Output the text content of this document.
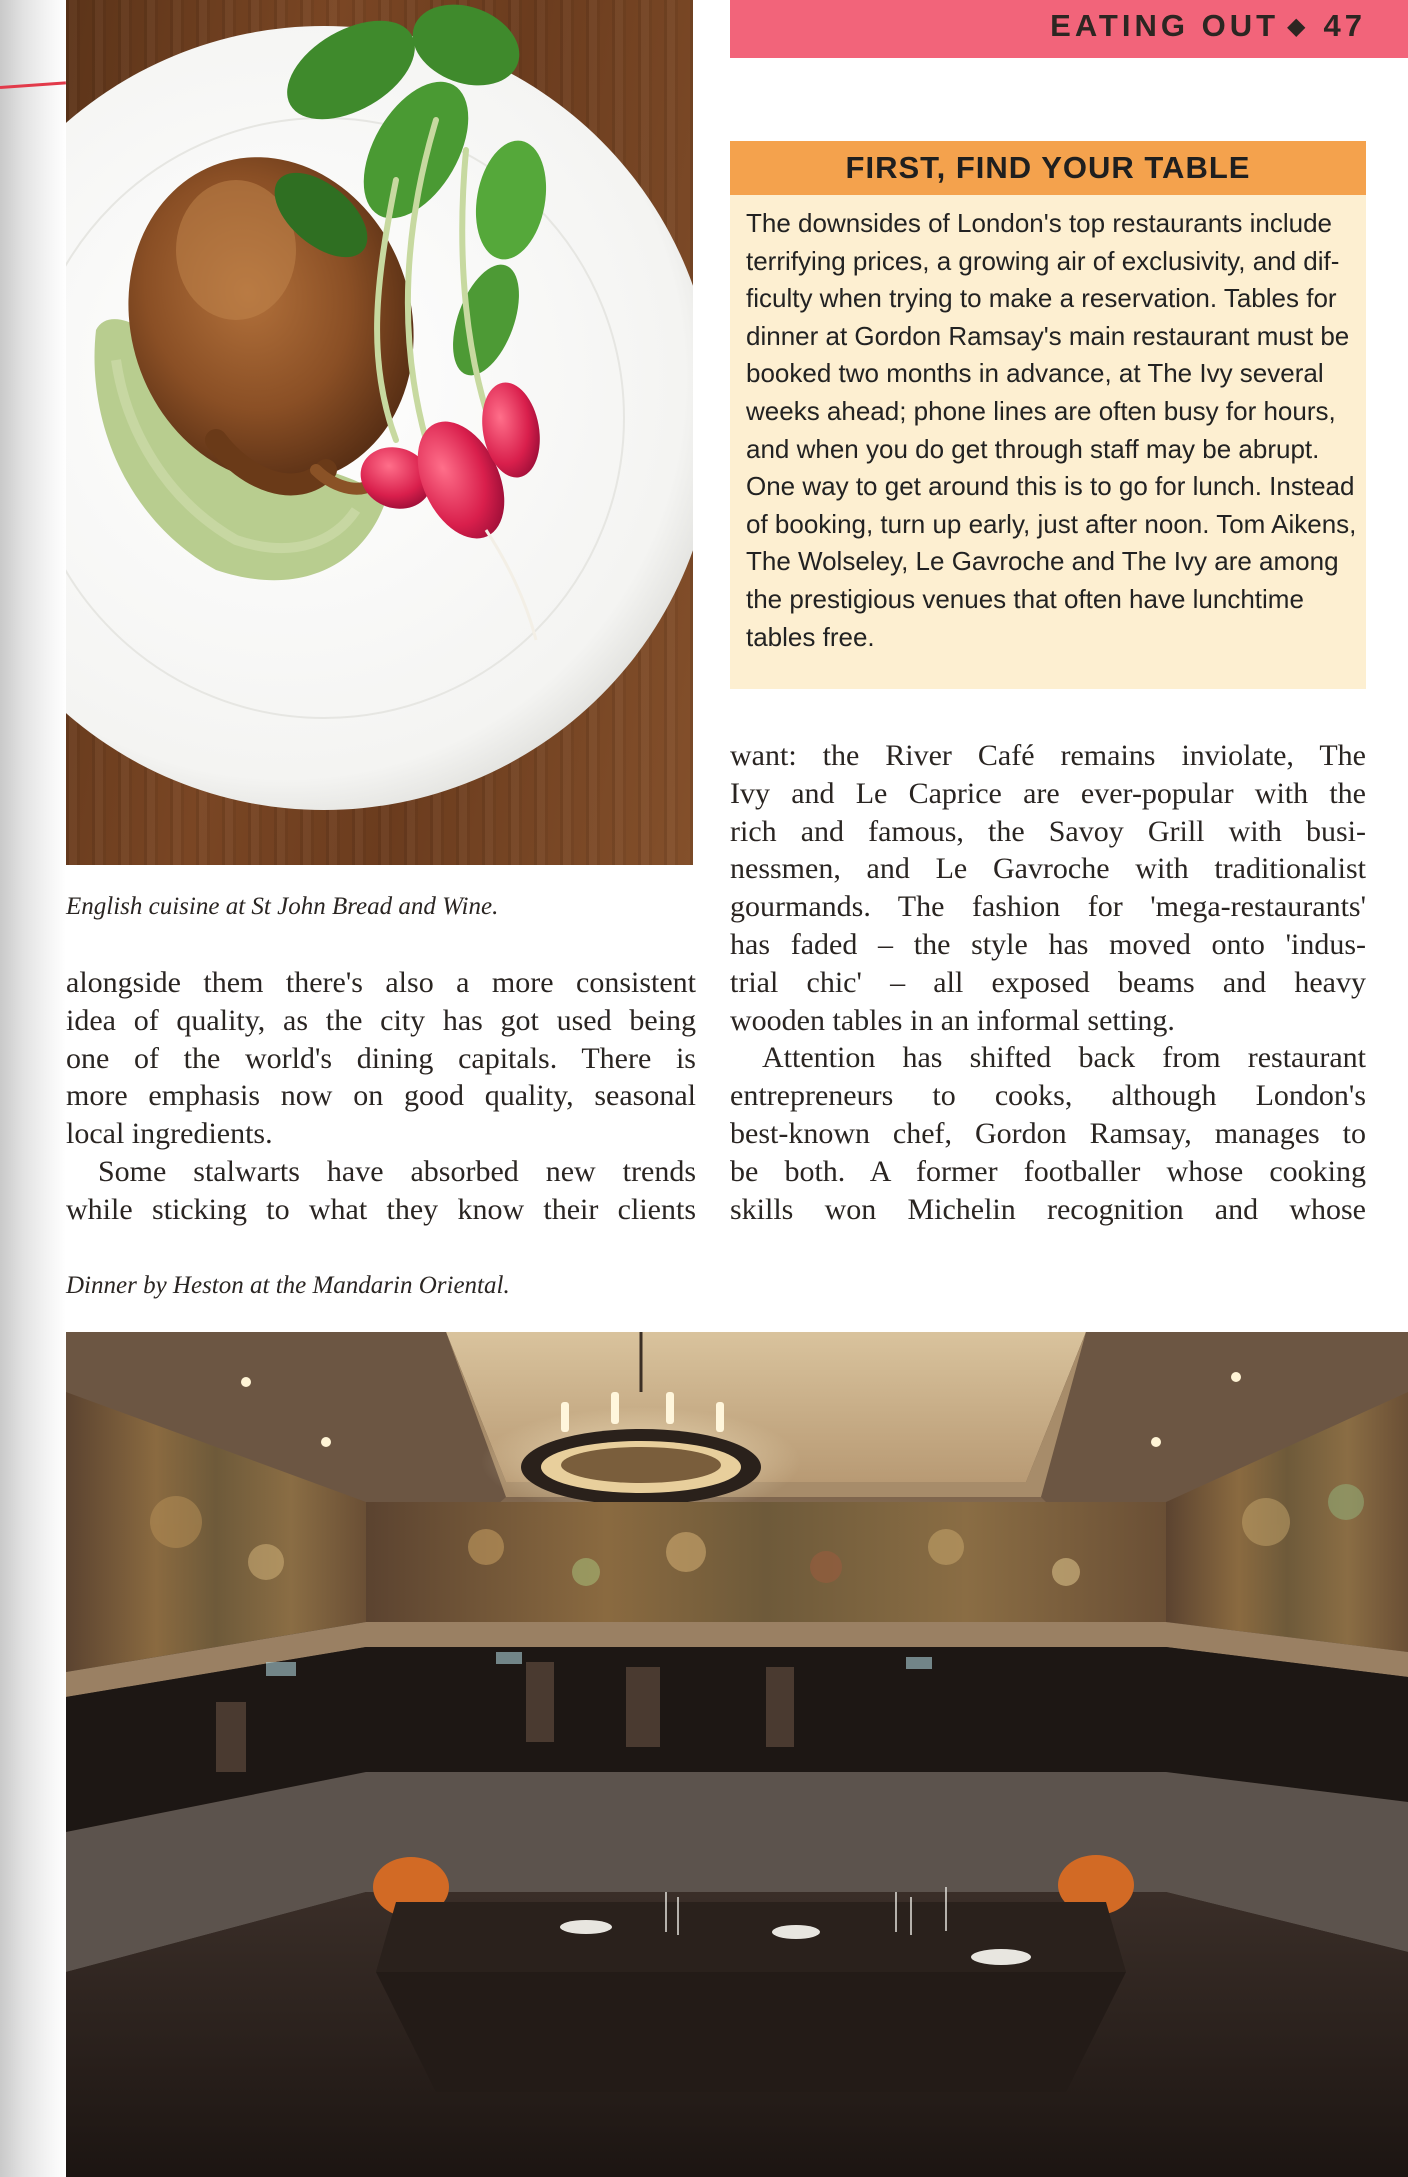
EATING OUT ◆ 47
English cuisine at St John Bread and Wine.
FIRST, FIND YOUR TABLE
The downsides of London's top restaurants include
terrifying prices, a growing air of exclusivity, and dif-
ficulty when trying to make a reservation. Tables for
dinner at Gordon Ramsay's main restaurant must be
booked two months in advance, at The Ivy several
weeks ahead; phone lines are often busy for hours,
and when you do get through staff may be abrupt.
One way to get around this is to go for lunch. Instead
of booking, turn up early, just after noon. Tom Aikens,
The Wolseley, Le Gavroche and The Ivy are among
the prestigious venues that often have lunchtime
tables free.
alongside them there's also a more consistent
idea of quality, as the city has got used being
one of the world's dining capitals. There is
more emphasis now on good quality, seasonal
local ingredients.
Some stalwarts have absorbed new trends
while sticking to what they know their clients
want: the River Café remains inviolate, The
Ivy and Le Caprice are ever-popular with the
rich and famous, the Savoy Grill with busi-
nessmen, and Le Gavroche with traditionalist
gourmands. The fashion for 'mega-restaurants'
has faded – the style has moved onto 'indus-
trial chic' – all exposed beams and heavy
wooden tables in an informal setting.
Attention has shifted back from restaurant
entrepreneurs to cooks, although London's
best-known chef, Gordon Ramsay, manages to
be both. A former footballer whose cooking
skills won Michelin recognition and whose
Dinner by Heston at the Mandarin Oriental.
